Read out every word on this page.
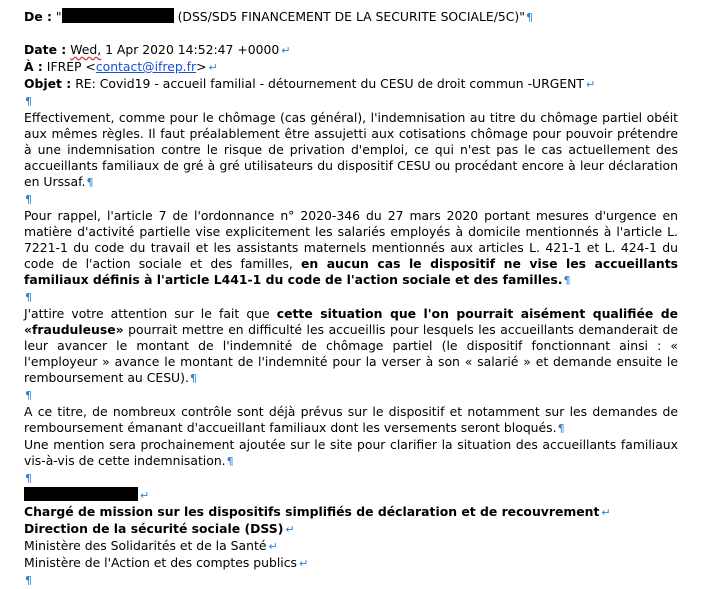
De : "	(DSS/SD5 FINANCEMENT DE LA SECURITE SOCIALE/5C)"¶
Date : Wed, 1 Apr 2020 14:52:47 +0000 ↵
À : IFREP <contact@ifrep.fr> ↵
Objet : RE: Covid19 - accueil familial - détournement du CESU de droit commun -URGENT ↵
¶
Effectivement, comme pour le chômage (cas général), l'indemnisation au titre du chômage partiel obéit aux mêmes règles. Il faut préalablement être assujetti aux cotisations chômage pour pouvoir prétendre à une indemnisation contre le risque de privation d'emploi, ce qui n'est pas le cas actuellement des accueillants familiaux de gré à gré utilisateurs du dispositif CESU ou procédant encore à leur déclaration en Urssaf.¶
¶
Pour rappel, l'article 7 de l'ordonnance n° 2020-346 du 27 mars 2020 portant mesures d'urgence en matière d'activité partielle vise explicitement les salariés employés à domicile mentionnés à l'article L. 7221-1 du code du travail et les assistants maternels mentionnés aux articles L. 421-1 et L. 424-1 du code de l'action sociale et des familles, en aucun cas le dispositif ne vise les accueillants familiaux définis à l'article L441-1 du code de l'action sociale et des familles.¶
¶
J'attire votre attention sur le fait que cette situation que l'on pourrait aisément qualifiée de «frauduleuse» pourrait mettre en difficulté les accueillis pour lesquels les accueillants demanderait de leur avancer le montant de l'indemnité de chômage partiel (le dispositif fonctionnant ainsi : « l'employeur » avance le montant de l'indemnité pour la verser à son « salarié » et demande ensuite le remboursement au CESU).¶
¶
A ce titre, de nombreux contrôle sont déjà prévus sur le dispositif et notamment sur les demandes de remboursement émanant d'accueillant familiaux dont les versements seront bloqués.¶
Une mention sera prochainement ajoutée sur le site pour clarifier la situation des accueillants familiaux vis-à-vis de cette indemnisation.¶
¶
↵
Chargé de mission sur les dispositifs simplifiés de déclaration et de recouvrement ↵
Direction de la sécurité sociale (DSS) ↵
Ministère des Solidarités et de la Santé ↵
Ministère de l'Action et des comptes publics ↵
¶
